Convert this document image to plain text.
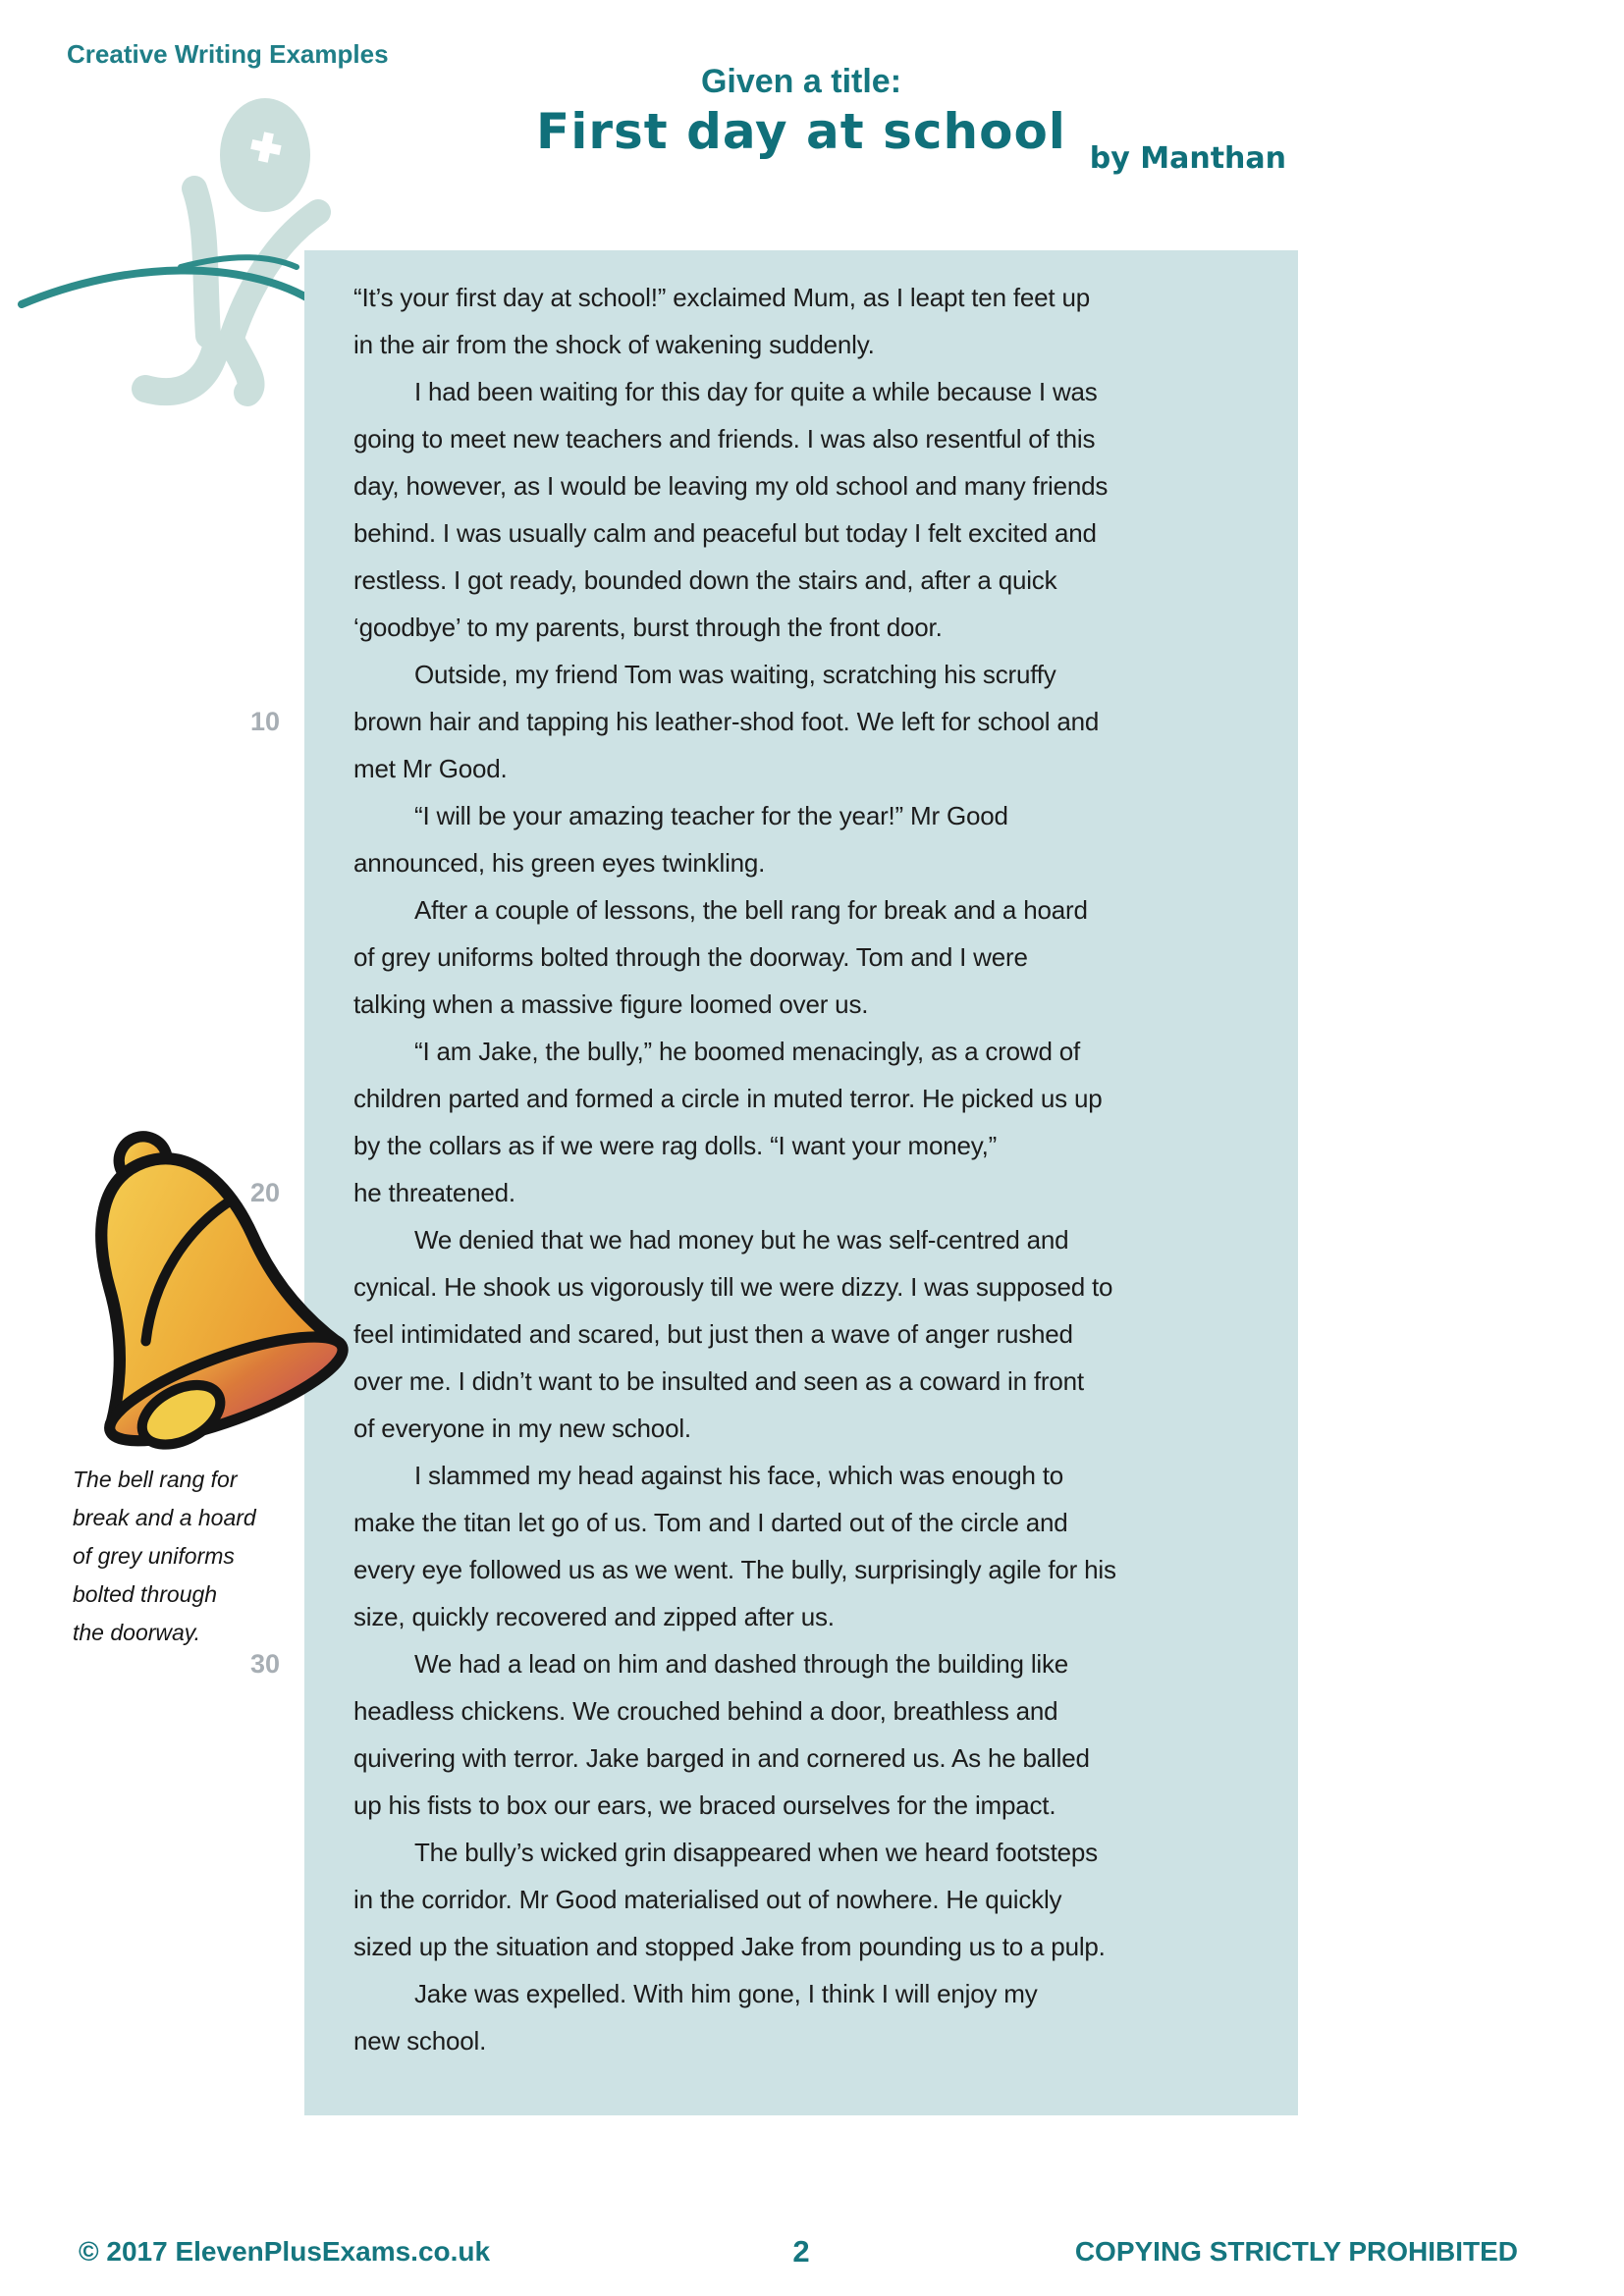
Creative Writing Examples
Given a title:
First day at school by Manthan
“It’s your first day at school!” exclaimed Mum, as I leapt ten feet up
in the air from the shock of wakening suddenly.
I had been waiting for this day for quite a while because I was
going to meet new teachers and friends. I was also resentful of this
day, however, as I would be leaving my old school and many friends
behind. I was usually calm and peaceful but today I felt excited and
restless. I got ready, bounded down the stairs and, after a quick
‘goodbye’ to my parents, burst through the front door.
Outside, my friend Tom was waiting, scratching his scruffy
brown hair and tapping his leather-shod foot. We left for school and
met Mr Good.
“I will be your amazing teacher for the year!” Mr Good
announced, his green eyes twinkling.
After a couple of lessons, the bell rang for break and a hoard
of grey uniforms bolted through the doorway. Tom and I were
talking when a massive figure loomed over us.
“I am Jake, the bully,” he boomed menacingly, as a crowd of
children parted and formed a circle in muted terror. He picked us up
by the collars as if we were rag dolls. “I want your money,”
he threatened.
We denied that we had money but he was self-centred and
cynical. He shook us vigorously till we were dizzy. I was supposed to
feel intimidated and scared, but just then a wave of anger rushed
over me. I didn’t want to be insulted and seen as a coward in front
of everyone in my new school.
I slammed my head against his face, which was enough to
make the titan let go of us. Tom and I darted out of the circle and
every eye followed us as we went. The bully, surprisingly agile for his
size, quickly recovered and zipped after us.
We had a lead on him and dashed through the building like
headless chickens. We crouched behind a door, breathless and
quivering with terror. Jake barged in and cornered us. As he balled
up his fists to box our ears, we braced ourselves for the impact.
The bully’s wicked grin disappeared when we heard footsteps
in the corridor. Mr Good materialised out of nowhere. He quickly
sized up the situation and stopped Jake from pounding us to a pulp.
Jake was expelled. With him gone, I think I will enjoy my
new school.
10
20
30
The bell rang for
break and a hoard
of grey uniforms
bolted through
the doorway.
© 2017 ElevenPlusExams.co.uk	2	COPYING STRICTLY PROHIBITED
